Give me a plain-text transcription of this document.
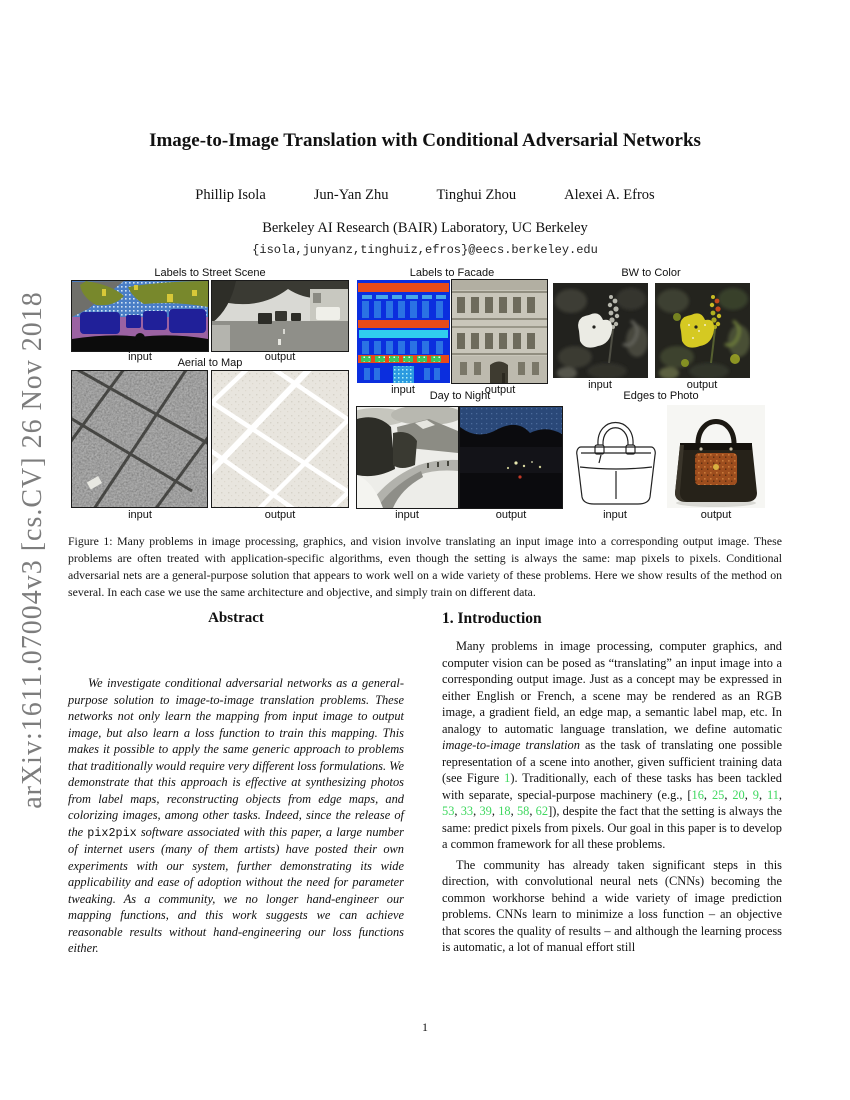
arXiv:1611.07004v3 [cs.CV] 26 Nov 2018
Image-to-Image Translation with Conditional Adversarial Networks
Phillip Isola	Jun-Yan Zhu	Tinghui Zhou	Alexei A. Efros
Berkeley AI Research (BAIR) Laboratory, UC Berkeley
{isola,junyanz,tinghuiz,efros}@eecs.berkeley.edu
Labels to Street Scene	Labels to Facade	BW to Color
Aerial to Map
Day to Night	Edges to Photo
input	output
input	output	input	output
input	output	input	output	input	output
Figure 1: Many problems in image processing, graphics, and vision involve translating an input image into a corresponding output image. These problems are often treated with application-specific algorithms, even though the setting is always the same: map pixels to pixels. Conditional adversarial nets are a general-purpose solution that appears to work well on a wide variety of these problems. Here we show results of the method on several. In each case we use the same architecture and objective, and simply train on different data.
Abstract

We investigate conditional adversarial networks as a general-purpose solution to image-to-image translation problems. These networks not only learn the mapping from input image to output image, but also learn a loss function to train this mapping. This makes it possible to apply the same generic approach to problems that traditionally would require very different loss formulations. We demonstrate that this approach is effective at synthesizing photos from label maps, reconstructing objects from edge maps, and colorizing images, among other tasks. Indeed, since the release of the pix2pix software associated with this paper, a large number of internet users (many of them artists) have posted their own experiments with our system, further demonstrating its wide applicability and ease of adoption without the need for parameter tweaking. As a community, we no longer hand-engineer our mapping functions, and this work suggests we can achieve reasonable results without hand-engineering our loss functions either.

1. Introduction

Many problems in image processing, computer graphics, and computer vision can be posed as “translating” an input image into a corresponding output image. Just as a concept may be expressed in either English or French, a scene may be rendered as an RGB image, a gradient field, an edge map, a semantic label map, etc. In analogy to automatic language translation, we define automatic image-to-image translation as the task of translating one possible representation of a scene into another, given sufficient training data (see Figure 1). Traditionally, each of these tasks has been tackled with separate, special-purpose machinery (e.g., [16, 25, 20, 9, 11, 53, 33, 39, 18, 58, 62]), despite the fact that the setting is always the same: predict pixels from pixels. Our goal in this paper is to develop a common framework for all these problems.

The community has already taken significant steps in this direction, with convolutional neural nets (CNNs) becoming the common workhorse behind a wide variety of image prediction problems. CNNs learn to minimize a loss function – an objective that scores the quality of results – and although the learning process is automatic, a lot of manual effort still

1
